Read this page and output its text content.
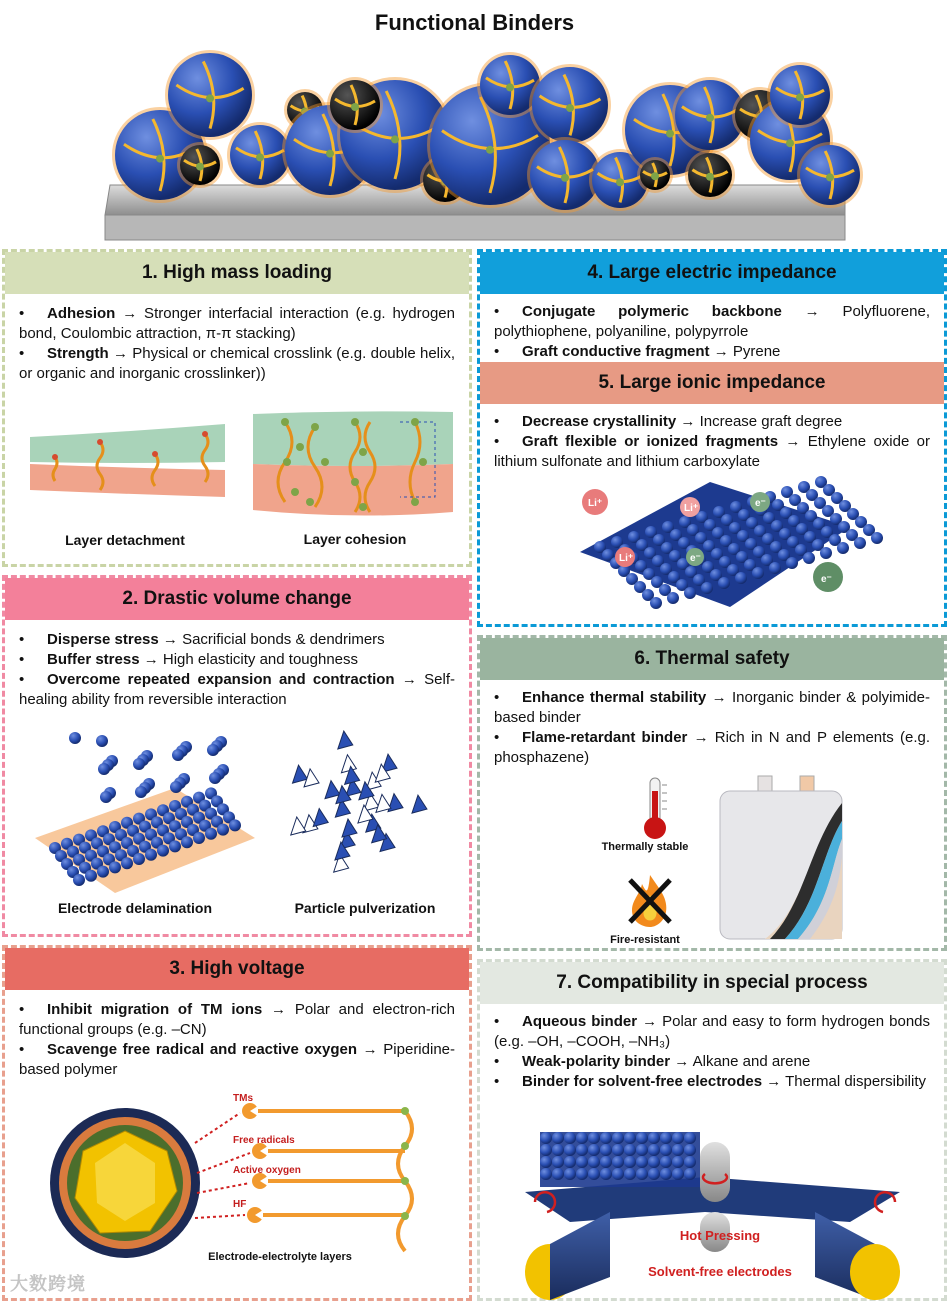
Functional Binders
1. High mass loading
• Adhesion → Stronger interfacial interaction (e.g. hydrogen bond, Coulombic attraction, π-π stacking)
• Strength → Physical or chemical crosslink (e.g. double helix, or organic and inorganic crosslinker))
Layer detachment	Layer cohesion
2. Drastic volume change
• Disperse stress → Sacrificial bonds & dendrimers
• Buffer stress → High elasticity and toughness
• Overcome repeated expansion and contraction → Self-healing ability from reversible interaction
Electrode delamination	Particle pulverization
3. High voltage
• Inhibit migration of TM ions → Polar and electron-rich functional groups (e.g. –CN)
• Scavenge free radical and reactive oxygen → Piperidine-based polymer
TMs
Free radicals
Active oxygen
HF
Electrode-electrolyte layers
4. Large electric impedance
• Conjugate polymeric backbone → Polyfluorene, polythiophene, polyaniline, polypyrrole
• Graft conductive fragment → Pyrene
5. Large ionic impedance
• Decrease crystallinity → Increase graft degree
• Graft flexible or ionized fragments → Ethylene oxide or lithium sulfonate and lithium carboxylate
Li⁺	Li⁺
Li⁺
e⁻
e⁻
e⁻
6. Thermal safety
• Enhance thermal stability → Inorganic binder & polyimide-based binder
• Flame-retardant binder → Rich in N and P elements (e.g. phosphazene)
Thermally stable
Fire-resistant
7. Compatibility in special process
• Aqueous binder → Polar and easy to form hydrogen bonds (e.g. –OH, –COOH, –NH₃)
• Weak-polarity binder → Alkane and arene
• Binder for solvent-free electrodes → Thermal dispersibility
Hot Pressing
Solvent-free electrodes
大数跨境
